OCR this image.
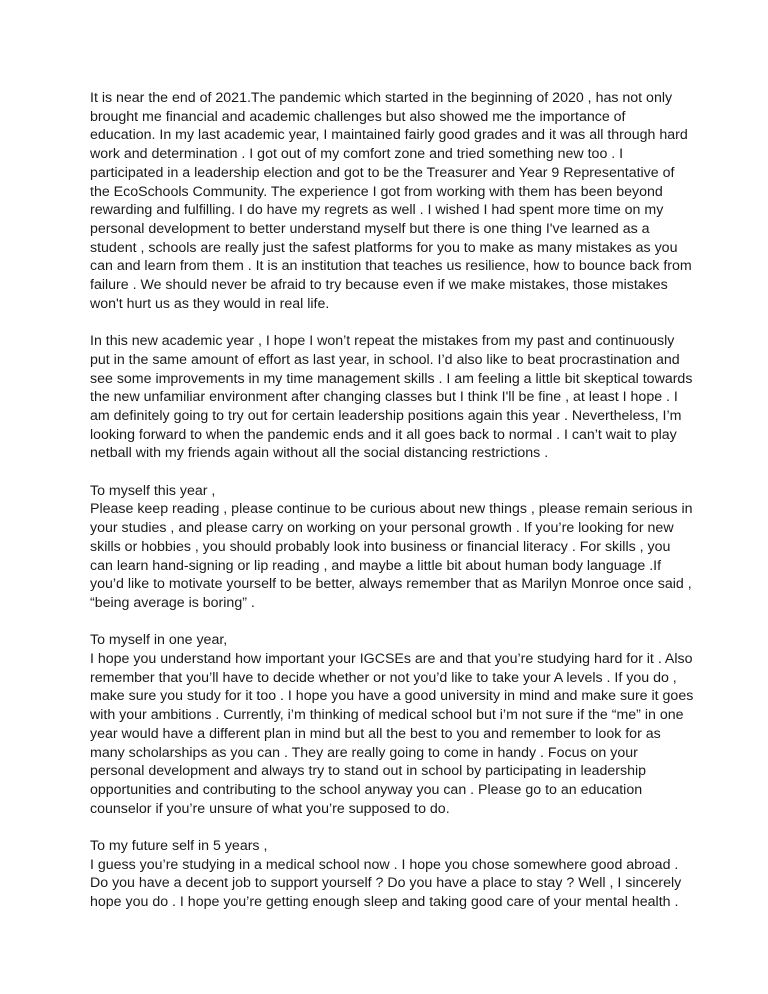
It is near the end of 2021.The pandemic which started in the beginning of 2020 , has not only
brought me financial and academic challenges but also showed me the importance of
education. In my last academic year, I maintained fairly good grades and it was all through hard
work and determination . I got out of my comfort zone and tried something new too . I
participated in a leadership election and got to be the Treasurer and Year 9 Representative of
the EcoSchools Community. The experience I got from working with them has been beyond
rewarding and fulfilling. I do have my regrets as well . I wished I had spent more time on my
personal development to better understand myself but there is one thing I've learned as a
student , schools are really just the safest platforms for you to make as many mistakes as you
can and learn from them . It is an institution that teaches us resilience, how to bounce back from
failure . We should never be afraid to try because even if we make mistakes, those mistakes
won't hurt us as they would in real life.
In this new academic year , I hope I won’t repeat the mistakes from my past and continuously
put in the same amount of effort as last year, in school. I’d also like to beat procrastination and
see some improvements in my time management skills . I am feeling a little bit skeptical towards
the new unfamiliar environment after changing classes but I think I'll be fine , at least I hope . I
am definitely going to try out for certain leadership positions again this year . Nevertheless, I’m
looking forward to when the pandemic ends and it all goes back to normal . I can’t wait to play
netball with my friends again without all the social distancing restrictions .
To myself this year ,
Please keep reading , please continue to be curious about new things , please remain serious in
your studies , and please carry on working on your personal growth . If you’re looking for new
skills or hobbies , you should probably look into business or financial literacy . For skills , you
can learn hand-signing or lip reading , and maybe a little bit about human body language .If
you’d like to motivate yourself to be better, always remember that as Marilyn Monroe once said ,
“being average is boring” .
To myself in one year,
I hope you understand how important your IGCSEs are and that you’re studying hard for it . Also
remember that you’ll have to decide whether or not you’d like to take your A levels . If you do ,
make sure you study for it too . I hope you have a good university in mind and make sure it goes
with your ambitions . Currently, i’m thinking of medical school but i’m not sure if the “me” in one
year would have a different plan in mind but all the best to you and remember to look for as
many scholarships as you can . They are really going to come in handy . Focus on your
personal development and always try to stand out in school by participating in leadership
opportunities and contributing to the school anyway you can . Please go to an education
counselor if you’re unsure of what you’re supposed to do.
To my future self in 5 years ,
I guess you’re studying in a medical school now . I hope you chose somewhere good abroad .
Do you have a decent job to support yourself ? Do you have a place to stay ? Well , I sincerely
hope you do . I hope you’re getting enough sleep and taking good care of your mental health .
